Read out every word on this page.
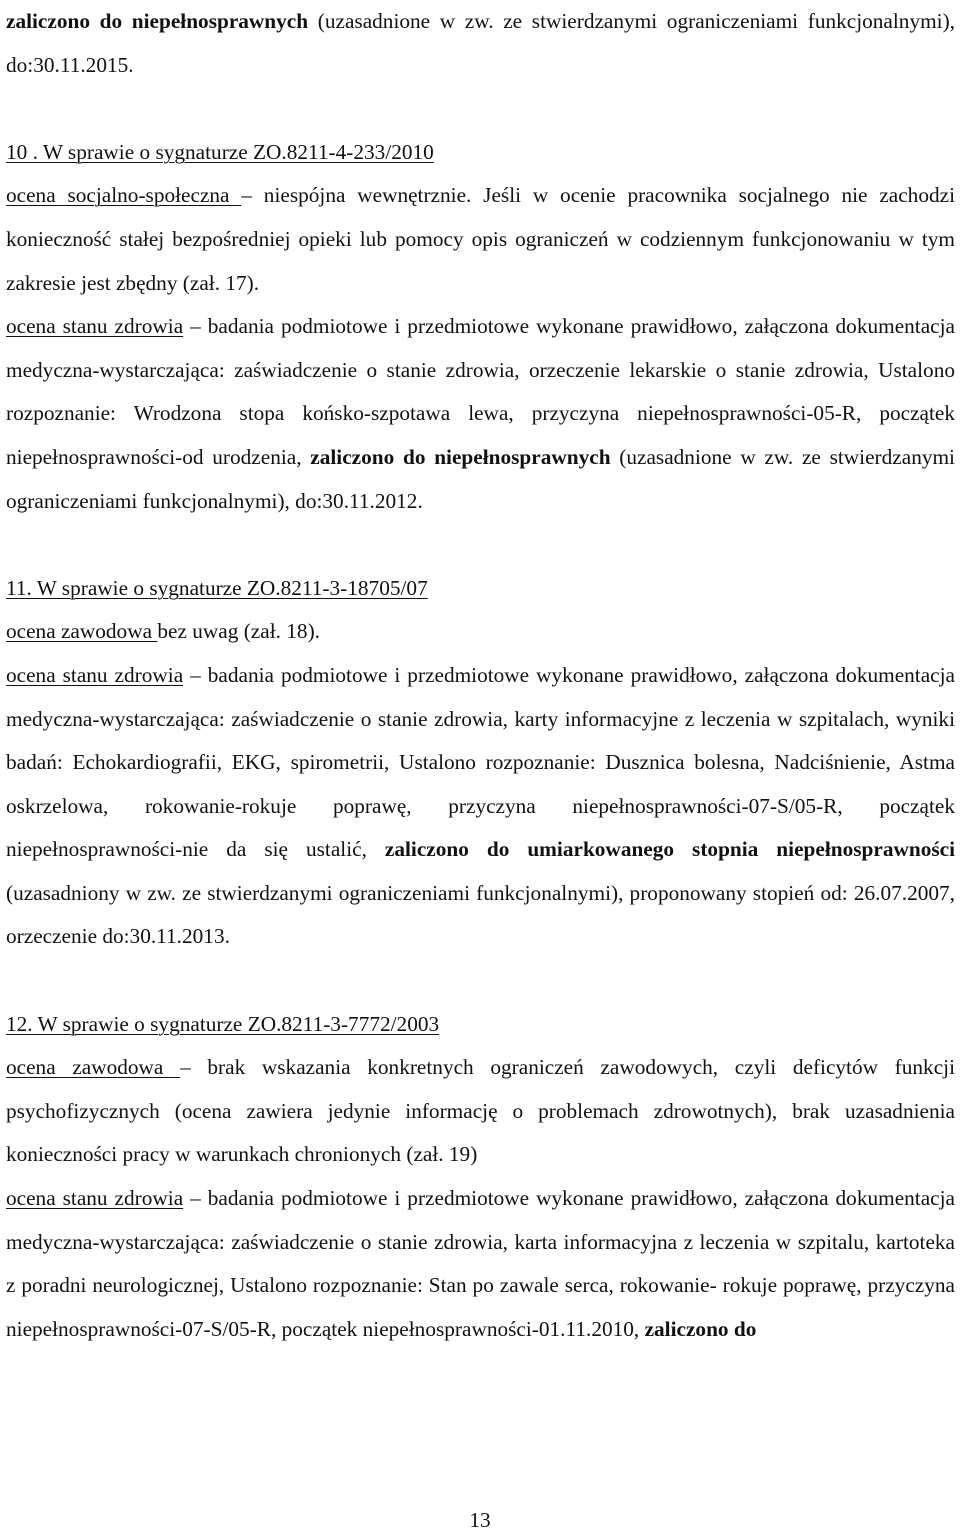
zaliczono do niepełnosprawnych (uzasadnione w zw. ze stwierdzanymi ograniczeniami funkcjonalnymi), do:30.11.2015.

10 . W sprawie o sygnaturze ZO.8211-4-233/2010

ocena socjalno-społeczna – niespójna wewnętrznie. Jeśli w ocenie pracownika socjalnego nie zachodzi konieczność stałej bezpośredniej opieki lub pomocy opis ograniczeń w codziennym funkcjonowaniu w tym zakresie jest zbędny (zał. 17).

ocena stanu zdrowia – badania podmiotowe i przedmiotowe wykonane prawidłowo, załączona dokumentacja medyczna-wystarczająca: zaświadczenie o stanie zdrowia, orzeczenie lekarskie o stanie zdrowia, Ustalono rozpoznanie: Wrodzona stopa końsko-szpotawa lewa, przyczyna niepełnosprawności-05-R, początek niepełnosprawności-od urodzenia, zaliczono do niepełnosprawnych (uzasadnione w zw. ze stwierdzanymi ograniczeniami funkcjonalnymi), do:30.11.2012.

11. W sprawie o sygnaturze ZO.8211-3-18705/07

ocena zawodowa bez uwag (zał. 18).

ocena stanu zdrowia – badania podmiotowe i przedmiotowe wykonane prawidłowo, załączona dokumentacja medyczna-wystarczająca: zaświadczenie o stanie zdrowia, karty informacyjne z leczenia w szpitalach, wyniki badań: Echokardiografii, EKG, spirometrii, Ustalono rozpoznanie: Dusznica bolesna, Nadciśnienie, Astma oskrzelowa, rokowanie-rokuje poprawę, przyczyna niepełnosprawności-07-S/05-R, początek niepełnosprawności-nie da się ustalić, zaliczono do umiarkowanego stopnia niepełnosprawności (uzasadniony w zw. ze stwierdzanymi ograniczeniami funkcjonalnymi), proponowany stopień od: 26.07.2007, orzeczenie do:30.11.2013.

12. W sprawie o sygnaturze ZO.8211-3-7772/2003

ocena zawodowa – brak wskazania konkretnych ograniczeń zawodowych, czyli deficytów funkcji psychofizycznych (ocena zawiera jedynie informację o problemach zdrowotnych), brak uzasadnienia konieczności pracy w warunkach chronionych (zał. 19)

ocena stanu zdrowia – badania podmiotowe i przedmiotowe wykonane prawidłowo, załączona dokumentacja medyczna-wystarczająca: zaświadczenie o stanie zdrowia, karta informacyjna z leczenia w szpitalu, kartoteka z poradni neurologicznej, Ustalono rozpoznanie: Stan po zawale serca, rokowanie- rokuje poprawę, przyczyna niepełnosprawności-07-S/05-R, początek niepełnosprawności-01.11.2010, zaliczono do

13
